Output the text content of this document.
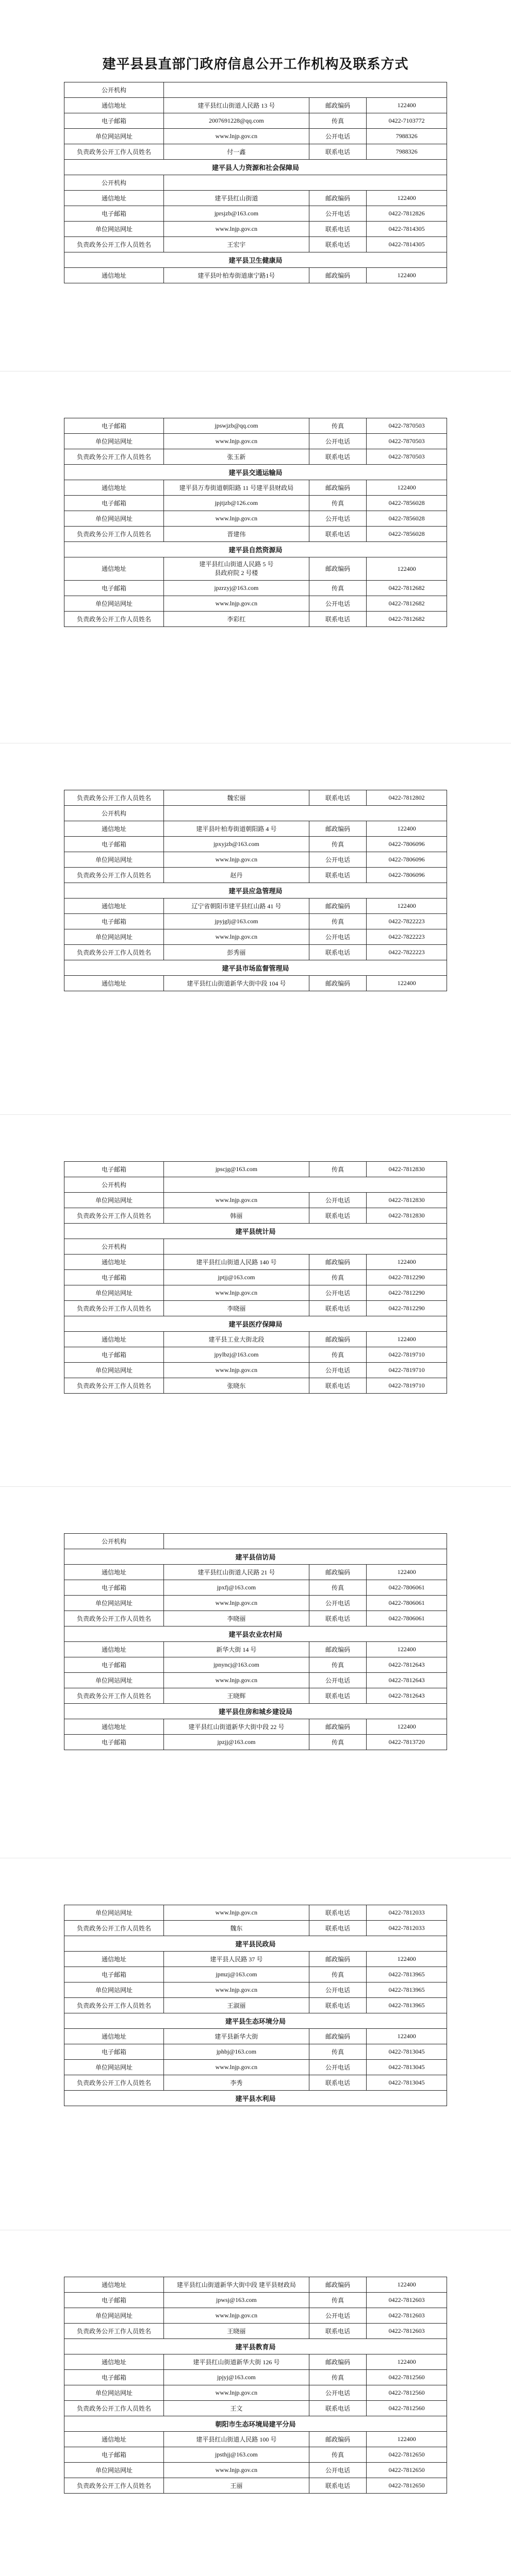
建平县县直部门政府信息公开工作机构及联系方式
公开机构			
通信地址	建平县红山街道人民路 13 号	邮政编码	122400
电子邮箱	2007691228@qq.com	传真	0422-7103772
单位网站网址	www.lnjp.gov.cn	公开电话	7988326
负责政务公开工作人员姓名	付一鑫	联系电话	7988326
建平县人力资源和社会保障局			
公开机构			
通信地址	建平县红山街道	邮政编码	122400
电子邮箱	jprsjzb@163.com	公开电话	0422-7812826
单位网站网址	www.lnjp.gov.cn	联系电话	0422-7814305
负责政务公开工作人员姓名	王宏宇	联系电话	0422-7814305
建平县卫生健康局			
通信地址	建平县叶柏寿街道康宁路1号	邮政编码	122400
电子邮箱	jpswjzb@qq.com	传真	0422-7870503
单位网站网址	www.lnjp.gov.cn	公开电话	0422-7870503
负责政务公开工作人员姓名	张玉新	联系电话	0422-7870503
建平县交通运输局			
通信地址	建平县万寿街道朝阳路 11 号建平县财政局	邮政编码	122400
电子邮箱	jpjtjzb@126.com	传真	0422-7856028
单位网站网址	www.lnjp.gov.cn	公开电话	0422-7856028
负责政务公开工作人员姓名	晋建伟	联系电话	0422-7856028
建平县自然资源局			
通信地址	建平县红山街道人民路 5 号
县政府院 2 号楼	邮政编码	122400
电子邮箱	jpzrzyj@163.com	传真	0422-7812682
单位网站网址	www.lnjp.gov.cn	公开电话	0422-7812682
负责政务公开工作人员姓名	李彩红	联系电话	0422-7812682
负责政务公开工作人员姓名	魏宏丽	联系电话	0422-7812802
公开机构			
通信地址	建平县叶柏寿街道朝阳路 4 号	邮政编码	122400
电子邮箱	jpxyjzb@163.com	传真	0422-7806096
单位网站网址	www.lnjp.gov.cn	公开电话	0422-7806096
负责政务公开工作人员姓名	赵丹	联系电话	0422-7806096
建平县应急管理局			
通信地址	辽宁省朝阳市建平县红山路 41 号	邮政编码	122400
电子邮箱	jpyjglj@163.com	传真	0422-7822223
单位网站网址	www.lnjp.gov.cn	公开电话	0422-7822223
负责政务公开工作人员姓名	彭秀丽	联系电话	0422-7822223
建平县市场监督管理局			
通信地址	建平县红山街道新华大街中段 104 号	邮政编码	122400
电子邮箱	jpscjg@163.com	传真	0422-7812830
公开机构			
单位网站网址	www.lnjp.gov.cn	公开电话	0422-7812830
负责政务公开工作人员姓名	韩丽	联系电话	0422-7812830
建平县统计局			
公开机构			
通信地址	建平县红山街道人民路 140 号	邮政编码	122400
电子邮箱	jptjj@163.com	传真	0422-7812290
单位网站网址	www.lnjp.gov.cn	公开电话	0422-7812290
负责政务公开工作人员姓名	李晓丽	联系电话	0422-7812290
建平县医疗保障局			
通信地址	建平县工业大街北段	邮政编码	122400
电子邮箱	jpylbzj@163.com	传真	0422-7819710
单位网站网址	www.lnjp.gov.cn	公开电话	0422-7819710
负责政务公开工作人员姓名	张晓东	联系电话	0422-7819710
公开机构			
建平县信访局			
通信地址	建平县红山街道人民路 21 号	邮政编码	122400
电子邮箱	jpxfj@163.com	传真	0422-7806061
单位网站网址	www.lnjp.gov.cn	公开电话	0422-7806061
负责政务公开工作人员姓名	李晓丽	联系电话	0422-7806061
建平县农业农村局			
通信地址	新华大街 14 号	邮政编码	122400
电子邮箱	jpnyncj@163.com	传真	0422-7812643
单位网站网址	www.lnjp.gov.cn	公开电话	0422-7812643
负责政务公开工作人员姓名	王晓辉	联系电话	0422-7812643
建平县住房和城乡建设局			
通信地址	建平县红山街道新华大街中段 22 号	邮政编码	122400
电子邮箱	jpzjj@163.com	传真	0422-7813720
单位网站网址	www.lnjp.gov.cn	联系电话	0422-7812033
负责政务公开工作人员姓名	魏东	联系电话	0422-7812033
建平县民政局			
通信地址	建平县人民路 37 号	邮政编码	122400
电子邮箱	jpmzj@163.com	传真	0422-7813965
单位网站网址	www.lnjp.gov.cn	公开电话	0422-7813965
负责政务公开工作人员姓名	王淑丽	联系电话	0422-7813965
建平县生态环境分局			
通信地址	建平县新华大街	邮政编码	122400
电子邮箱	jphbj@163.com	传真	0422-7813045
单位网站网址	www.lnjp.gov.cn	公开电话	0422-7813045
负责政务公开工作人员姓名	李秀	联系电话	0422-7813045
建平县水利局			
通信地址	建平县红山街道新华大街中段 建平县财政局	邮政编码	122400
电子邮箱	jpwsj@163.com	传真	0422-7812603
单位网站网址	www.lnjp.gov.cn	公开电话	0422-7812603
负责政务公开工作人员姓名	王晓丽	联系电话	0422-7812603
建平县教育局			
通信地址	建平县红山街道新华大街 126 号	邮政编码	122400
电子邮箱	jpjyj@163.com	传真	0422-7812560
单位网站网址	www.lnjp.gov.cn	公开电话	0422-7812560
负责政务公开工作人员姓名	王文	联系电话	0422-7812560
朝阳市生态环境局建平分局			
通信地址	建平县红山街道人民路 100 号	邮政编码	122400
电子邮箱	jpsthjj@163.com	传真	0422-7812650
单位网站网址	www.lnjp.gov.cn	公开电话	0422-7812650
负责政务公开工作人员姓名	王丽	联系电话	0422-7812650
